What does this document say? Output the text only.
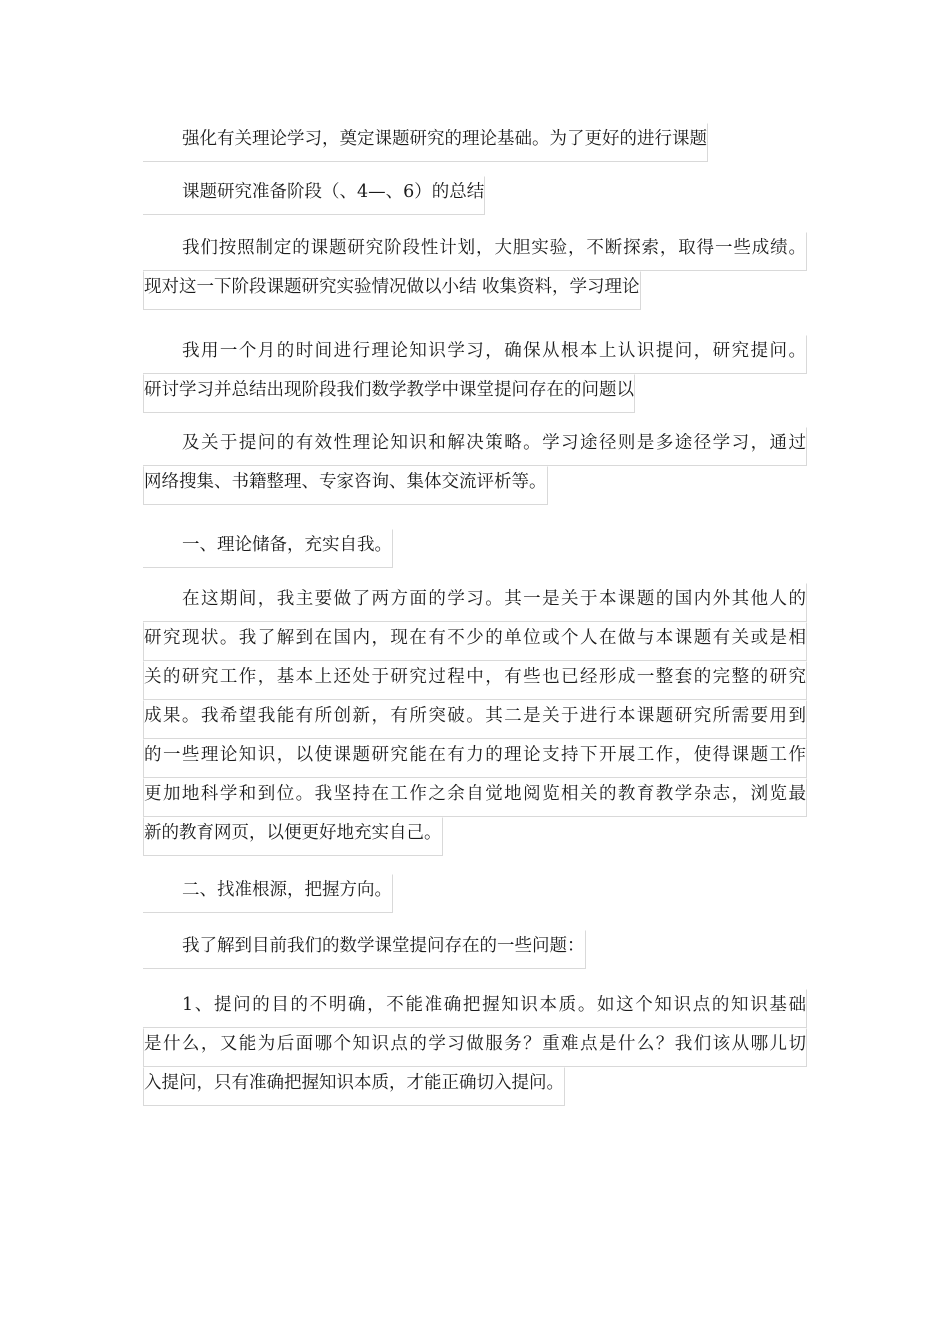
强化有关理论学习，奠定课题研究的理论基础。为了更好的进行课题
课题研究准备阶段（、4—、6）的总结
我们按照制定的课题研究阶段性计划，大胆实验，不断探索，取得一些成绩。
现对这一下阶段课题研究实验情况做以小结 收集资料，学习理论
我用一个月的时间进行理论知识学习，确保从根本上认识提问，研究提问。
研讨学习并总结出现阶段我们数学教学中课堂提问存在的问题以
及关于提问的有效性理论知识和解决策略。学习途径则是多途径学习，通过
网络搜集、书籍整理、专家咨询、集体交流评析等。
一、理论储备，充实自我。
在这期间，我主要做了两方面的学习。其一是关于本课题的国内外其他人的
研究现状。我了解到在国内，现在有不少的单位或个人在做与本课题有关或是相
关的研究工作，基本上还处于研究过程中，有些也已经形成一整套的完整的研究
成果。我希望我能有所创新，有所突破。其二是关于进行本课题研究所需要用到
的一些理论知识，以使课题研究能在有力的理论支持下开展工作，使得课题工作
更加地科学和到位。我坚持在工作之余自觉地阅览相关的教育教学杂志，浏览最
新的教育网页，以便更好地充实自己。
二、找准根源，把握方向。
我了解到目前我们的数学课堂提问存在的一些问题：
1、提问的目的不明确，不能准确把握知识本质。如这个知识点的知识基础
是什么，又能为后面哪个知识点的学习做服务？重难点是什么？我们该从哪儿切
入提问，只有准确把握知识本质，才能正确切入提问。
